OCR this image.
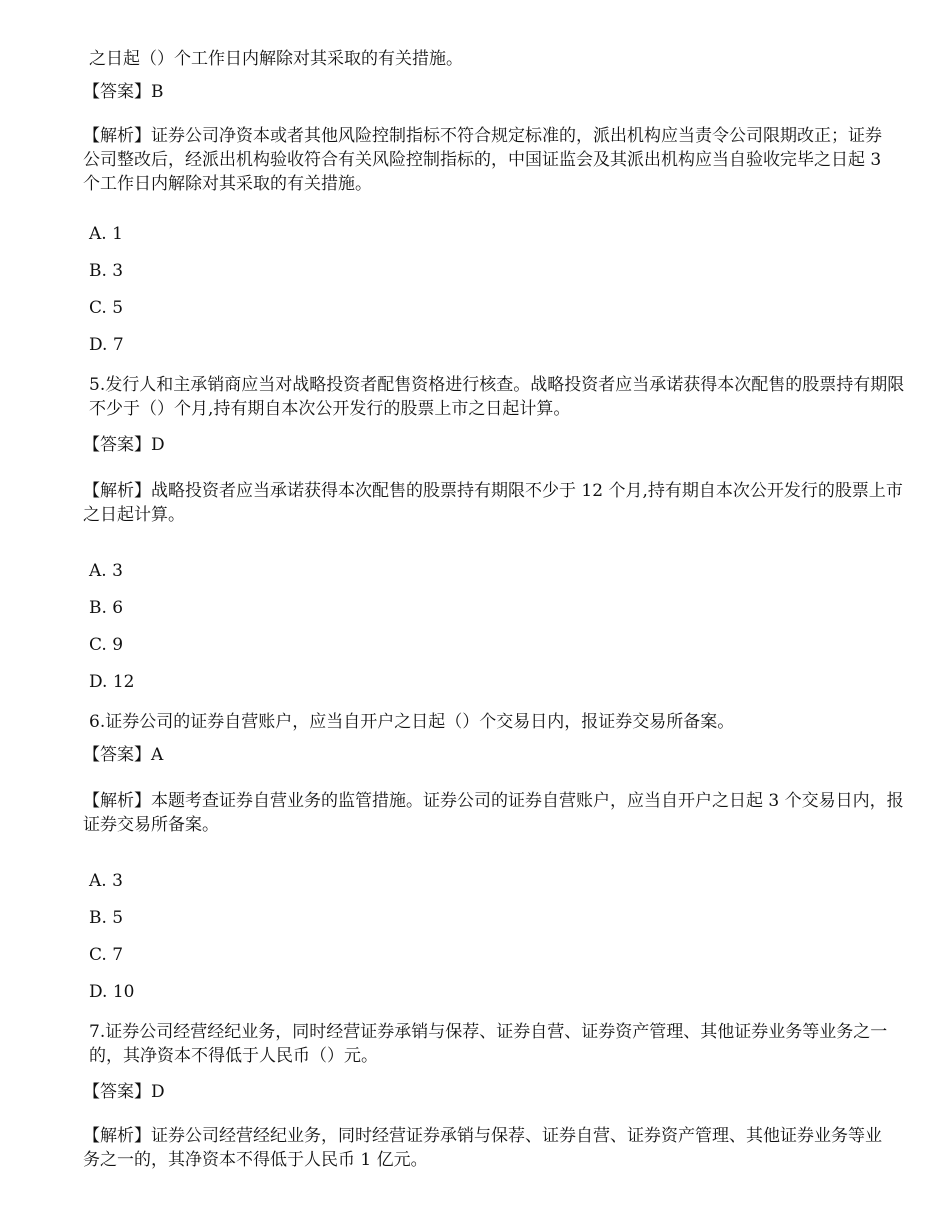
之日起（）个工作日内解除对其采取的有关措施。
【答案】B
【解析】证券公司净资本或者其他风险控制指标不符合规定标准的，派出机构应当责令公司限期改正；证券公司整改后，经派出机构验收符合有关风险控制指标的，中国证监会及其派出机构应当自验收完毕之日起 3 个工作日内解除对其采取的有关措施。
A. 1
B. 3
C. 5
D. 7
5.发行人和主承销商应当对战略投资者配售资格进行核查。战略投资者应当承诺获得本次配售的股票持有期限不少于（）个月,持有期自本次公开发行的股票上市之日起计算。
【答案】D
【解析】战略投资者应当承诺获得本次配售的股票持有期限不少于 12 个月,持有期自本次公开发行的股票上市之日起计算。
A. 3
B. 6
C. 9
D. 12
6.证券公司的证券自营账户，应当自开户之日起（）个交易日内，报证券交易所备案。
【答案】A
【解析】本题考查证券自营业务的监管措施。证券公司的证券自营账户，应当自开户之日起 3 个交易日内，报证券交易所备案。
A. 3
B. 5
C. 7
D. 10
7.证券公司经营经纪业务，同时经营证券承销与保荐、证券自营、证券资产管理、其他证券业务等业务之一的，其净资本不得低于人民币（）元。
【答案】D
【解析】证券公司经营经纪业务，同时经营证券承销与保荐、证券自营、证券资产管理、其他证券业务等业务之一的，其净资本不得低于人民币 1 亿元。
